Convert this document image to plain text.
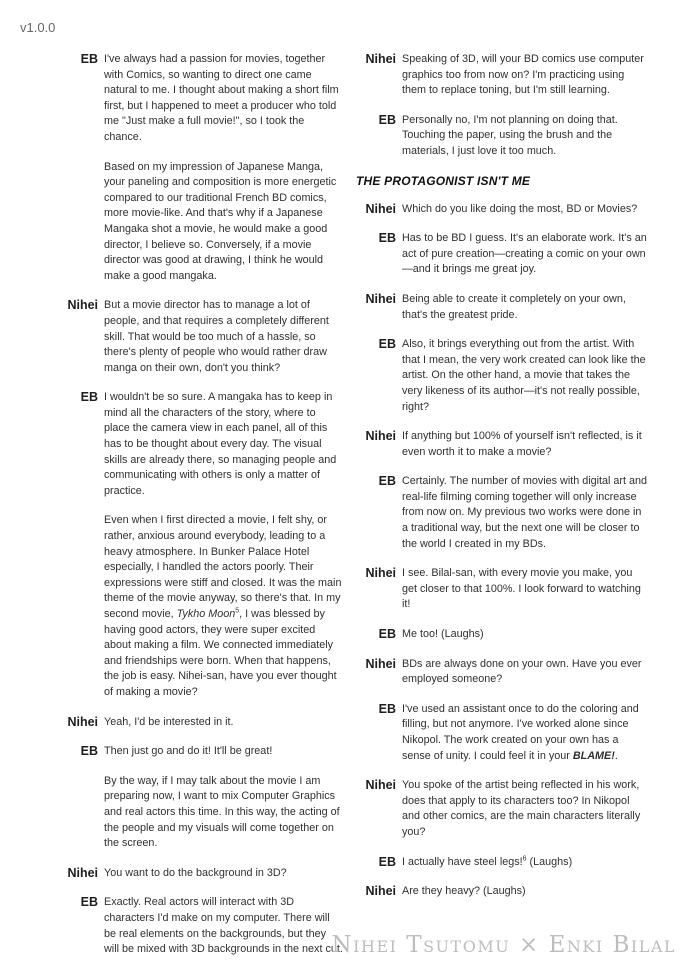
v1.0.0
EB I've always had a passion for movies, together with Comics, so wanting to direct one came natural to me. I thought about making a short film first, but I happened to meet a producer who told me "Just make a full movie!", so I took the chance.

Based on my impression of Japanese Manga, your paneling and composition is more energetic compared to our traditional French BD comics, more movie-like. And that's why if a Japanese Mangaka shot a movie, he would make a good director, I believe so. Conversely, if a movie director was good at drawing, I think he would make a good mangaka.

Nihei But a movie director has to manage a lot of people, and that requires a completely different skill. That would be too much of a hassle, so there's plenty of people who would rather draw manga on their own, don't you think?

EB I wouldn't be so sure. A mangaka has to keep in mind all the characters of the story, where to place the camera view in each panel, all of this has to be thought about every day. The visual skills are already there, so managing people and communicating with others is only a matter of practice.

Even when I first directed a movie, I felt shy, or rather, anxious around everybody, leading to a heavy atmosphere. In Bunker Palace Hotel especially, I handled the actors poorly. Their expressions were stiff and closed. It was the main theme of the movie anyway, so there's that. In my second movie, Tykho Moon$^5$, I was blessed by having good actors, they were super excited about making a film. We connected immediately and friendships were born. When that happens, the job is easy. Nihei-san, have you ever thought of making a movie?

Nihei Yeah, I'd be interested in it.

EB Then just go and do it! It'll be great!

By the way, if I may talk about the movie I am preparing now, I want to mix Computer Graphics and real actors this time. In this way, the acting of the people and my visuals will come together on the screen.

Nihei You want to do the background in 3D?

EB Exactly. Real actors will interact with 3D characters I'd make on my computer. There will be real elements on the backgrounds, but they will be mixed with 3D backgrounds in the next cut.

Nihei Speaking of 3D, will your BD comics use computer graphics too from now on? I'm practicing using them to replace toning, but I'm still learning.

EB Personally no, I'm not planning on doing that. Touching the paper, using the brush and the materials, I just love it too much.

THE PROTAGONIST ISN'T ME
Nihei Which do you like doing the most, BD or Movies?

EB Has to be BD I guess. It's an elaborate work. It's an act of pure creation—creating a comic on your own—and it brings me great joy.

Nihei Being able to create it completely on your own, that's the greatest pride.

EB Also, it brings everything out from the artist. With that I mean, the very work created can look like the artist. On the other hand, a movie that takes the very likeness of its author—it's not really possible, right?

Nihei If anything but 100% of yourself isn't reflected, is it even worth it to make a movie?

EB Certainly. The number of movies with digital art and real-life filming coming together will only increase from now on. My previous two works were done in a traditional way, but the next one will be closer to the world I created in my BDs.

Nihei I see. Bilal-san, with every movie you make, you get closer to that 100%. I look forward to watching it!

EB Me too! (Laughs)

Nihei BDs are always done on your own. Have you ever employed someone?

EB I've used an assistant once to do the coloring and filling, but not anymore. I've worked alone since Nikopol. The work created on your own has a sense of unity. I could feel it in your BLAME!.

Nihei You spoke of the artist being reflected in his work, does that apply to its characters too? In Nikopol and other comics, are the main characters literally you?

EB I actually have steel legs!$^6$ (Laughs)

Nihei Are they heavy? (Laughs)

Nihei Tsutomu × Enki Bilal
